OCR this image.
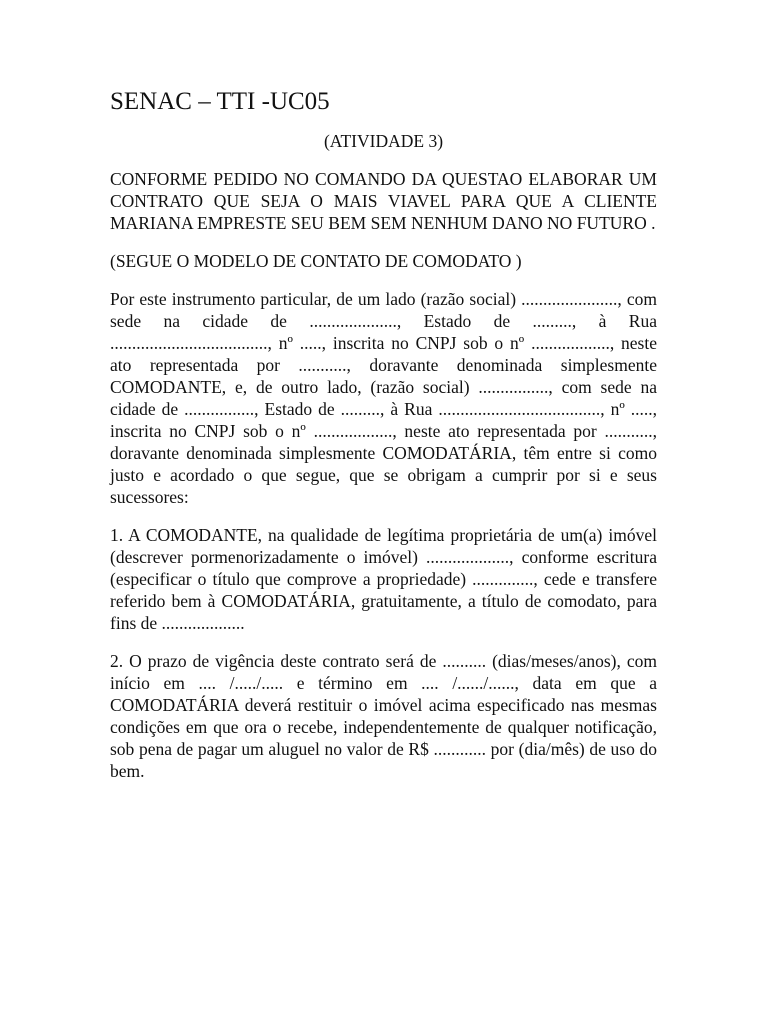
SENAC – TTI -UC05
(ATIVIDADE 3)

CONFORME PEDIDO NO COMANDO DA QUESTAO ELABORAR UM CONTRATO QUE SEJA O MAIS VIAVEL PARA QUE A CLIENTE MARIANA EMPRESTE SEU BEM SEM NENHUM DANO NO FUTURO .

(SEGUE O MODELO DE CONTATO DE COMODATO )

Por este instrumento particular, de um lado (razão social) ......................, com sede na cidade de ...................., Estado de ........., à Rua ...................................., nº ....., inscrita no CNPJ sob o nº .................., neste ato representada por ..........., doravante denominada simplesmente COMODANTE, e, de outro lado, (razão social) ................, com sede na cidade de ................, Estado de ........., à Rua ....................................., nº ....., inscrita no CNPJ sob o nº .................., neste ato representada por ..........., doravante denominada simplesmente COMODATÁRIA, têm entre si como justo e acordado o que segue, que se obrigam a cumprir por si e seus sucessores:

1. A COMODANTE, na qualidade de legítima proprietária de um(a) imóvel (descrever pormenorizadamente o imóvel) ..................., conforme escritura (especificar o título que comprove a propriedade) .............., cede e transfere referido bem à COMODATÁRIA, gratuitamente, a título de comodato, para fins de ...................

2. O prazo de vigência deste contrato será de .......... (dias/meses/anos), com início em .... /...../..... e término em .... /....../......, data em que a COMODATÁRIA deverá restituir o imóvel acima especificado nas mesmas condições em que ora o recebe, independentemente de qualquer notificação, sob pena de pagar um aluguel no valor de R$ ............ por (dia/mês) de uso do bem.
